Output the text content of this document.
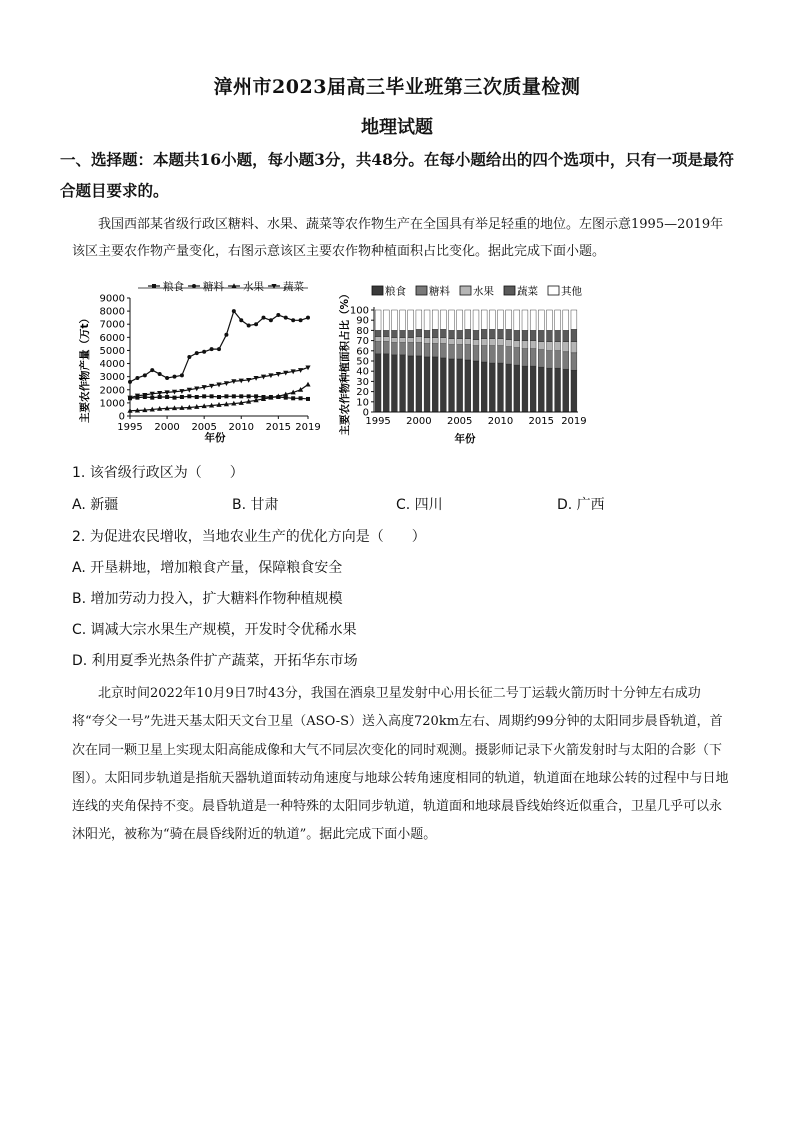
漳州市2023届高三毕业班第三次质量检测
地理试题
一、选择题：本题共16小题，每小题3分，共48分。在每小题给出的四个选项中，只有一项是最符合题目要求的。
我国西部某省级行政区糖料、水果、蔬菜等农作物生产在全国具有举足轻重的地位。左图示意1995—2019年该区主要农作物产量变化，右图示意该区主要农作物种植面积占比变化。据此完成下面小题。
粮食 糖料 水果 蔬菜
主要农作物产量（万t）	0
1000
2000
3000
4000
5000
6000
7000
8000
9000
1995 2000 2005 2010 2015 2019
年份
粮食 糖料 水果 蔬菜 其他
主要农作物种植面积占比（%） 0
10
20
30
40
50
60
70
80
90
100
1995 2000 2005 2010 2015 2019
年份
1. 该省级行政区为（　　）
A. 新疆	B. 甘肃	C. 四川	D. 广西
2. 为促进农民增收，当地农业生产的优化方向是（　　）
A. 开垦耕地，增加粮食产量，保障粮食安全
B. 增加劳动力投入，扩大糖料作物种植规模
C. 调减大宗水果生产规模，开发时令优稀水果
D. 利用夏季光热条件扩产蔬菜，开拓华东市场
北京时间2022年10月9日7时43分，我国在酒泉卫星发射中心用长征二号丁运载火箭历时十分钟左右成功将“夸父一号”先进天基太阳天文台卫星（ASO-S）送入高度720km左右、周期约99分钟的太阳同步晨昏轨道，首次在同一颗卫星上实现太阳高能成像和大气不同层次变化的同时观测。摄影师记录下火箭发射时与太阳的合影（下图）。太阳同步轨道是指航天器轨道面转动角速度与地球公转角速度相同的轨道，轨道面在地球公转的过程中与日地连线的夹角保持不变。晨昏轨道是一种特殊的太阳同步轨道，轨道面和地球晨昏线始终近似重合，卫星几乎可以永沐阳光，被称为“骑在晨昏线附近的轨道”。据此完成下面小题。
